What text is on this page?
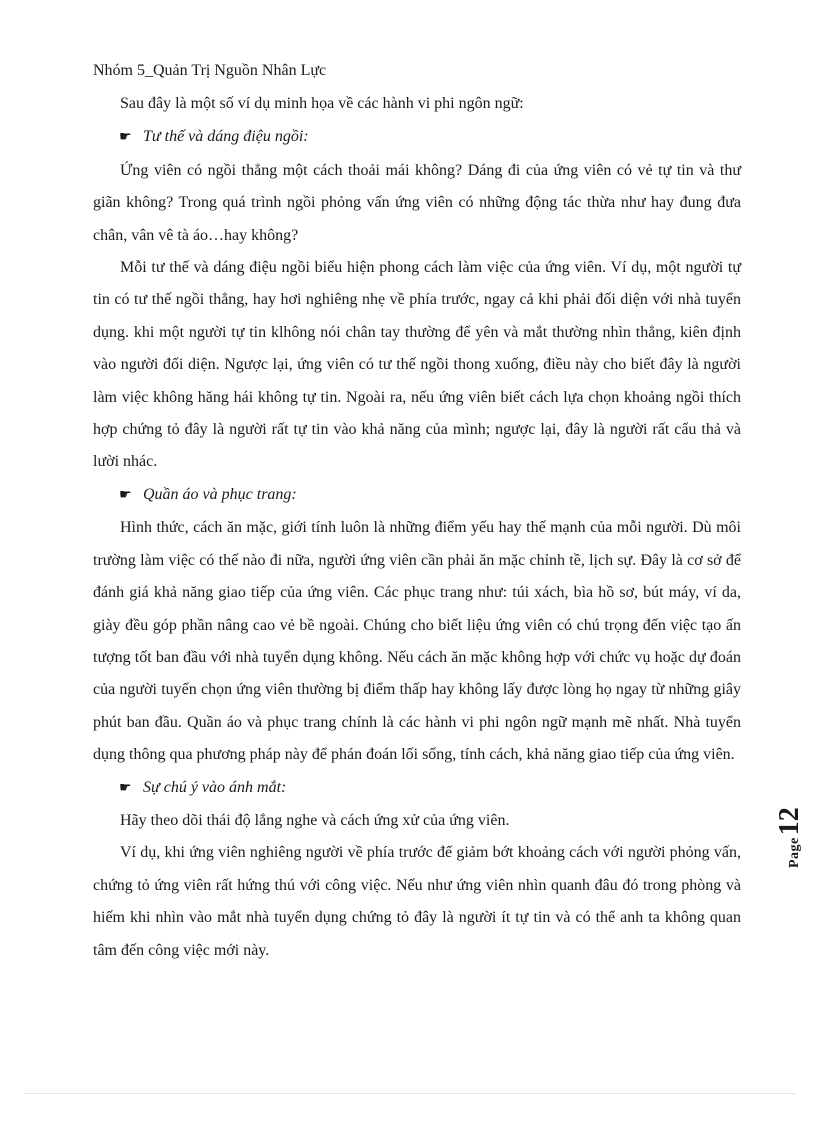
Nhóm 5_Quản Trị Nguồn Nhân Lực

Sau đây là một số ví dụ minh họa về các hành vi phi ngôn ngữ:

☛ Tư thế và dáng điệu ngồi:

Ứng viên có ngồi thẳng một cách thoải mái không? Dáng đi của ứng viên có vẻ tự tin và thư giãn không? Trong quá trình ngồi phỏng vấn ứng viên có những động tác thừa như hay đung đưa chân, vân vê tà áo…hay không?

Mỗi tư thế và dáng điệu ngồi biểu hiện phong cách làm việc của ứng viên. Ví dụ, một người tự tin có tư thế ngồi thẳng, hay hơi nghiêng nhẹ về phía trước, ngay cả khi phải đối diện với nhà tuyển dụng. khi một người tự tin klhông nói chân tay thường để yên và mắt thường nhìn thẳng, kiên định vào người đối diện. Ngược lại, ứng viên có tư thế ngồi thong xuống, điều này cho biết đây là người làm việc không hăng hái không tự tin. Ngoài ra, nếu ứng viên biết cách lựa chọn khoảng ngồi thích hợp chứng tỏ đây là người rất tự tin vào khả năng của mình; ngược lại, đây là người rất cẩu thả và lười nhác.

☛ Quần áo và phục trang:

Hình thức, cách ăn mặc, giới tính luôn là những điểm yếu hay thế mạnh của mỗi người. Dù môi trường làm việc có thế nào đi nữa, người ứng viên cần phải ăn mặc chỉnh tề, lịch sự. Đây là cơ sở để đánh giá khả năng giao tiếp của ứng viên. Các phục trang như: túi xách, bìa hồ sơ, bút máy, ví da, giày đều góp phần nâng cao vẻ bề ngoài. Chúng cho biết liệu ứng viên có chú trọng đến việc tạo ấn tượng tốt ban đầu với nhà tuyển dụng không. Nếu cách ăn mặc không hợp với chức vụ hoặc dự đoán của người tuyển chọn ứng viên thường bị điểm thấp hay không lấy được lòng họ ngay từ những giây phút ban đầu. Quần áo và phục trang chính là các hành vi phi ngôn ngữ mạnh mẽ nhất. Nhà tuyển dụng thông qua phương pháp này để phán đoán lối sống, tính cách, khả năng giao tiếp của ứng viên.

☛ Sự chú ý vào ánh mắt:

Hãy theo dõi thái độ lắng nghe và cách ứng xử của ứng viên.

Ví dụ, khi ứng viên nghiêng người về phía trước để giảm bớt khoảng cách với người phỏng vấn, chứng tỏ ứng viên rất hứng thú với công việc. Nếu như ứng viên nhìn quanh đâu đó trong phòng và hiếm khi nhìn vào mắt nhà tuyển dụng chứng tỏ đây là người ít tự tin và có thể anh ta không quan tâm đến công việc mới này.

Page12
